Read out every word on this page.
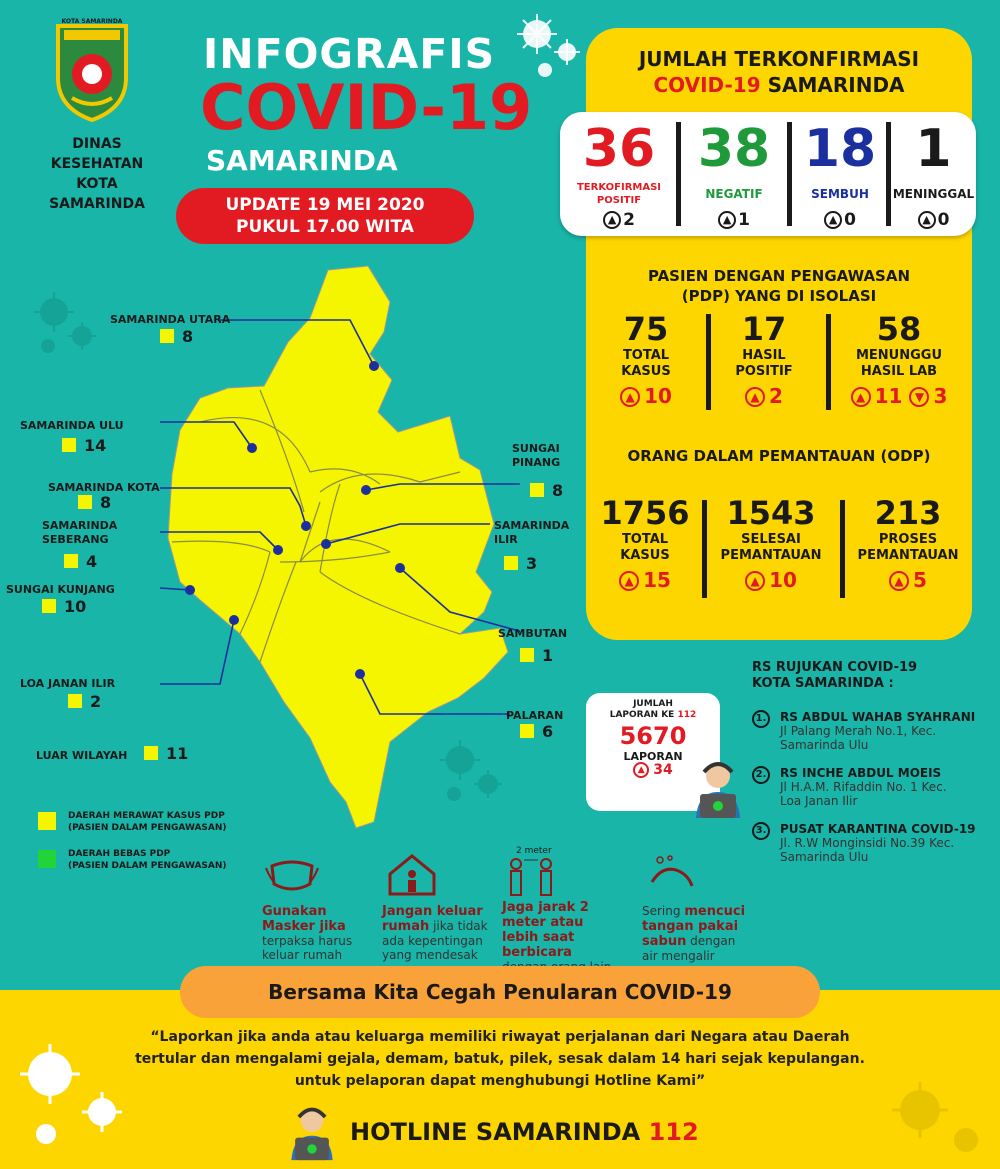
KOTA SAMARINDA
DINAS
KESEHATAN
KOTA
SAMARINDA
INFOGRAFIS
COVID-19
SAMARINDA
UPDATE 19 MEI 2020
PUKUL 17.00 WITA
JUMLAH TERKONFIRMASI
COVID-19 SAMARINDA
36
TERKOFIRMASI POSITIF
▲ 2
38
NEGATIF
▲ 1
18
SEMBUH
▲ 0
1
MENINGGAL
▲ 0
PASIEN DENGAN PENGAWASAN
(PDP) YANG DI ISOLASI
75
TOTAL
KASUS
▲ 10
17
HASIL
POSITIF
▲ 2
58
MENUNGGU
HASIL LAB
▲ 11 ▼ 3
ORANG DALAM PEMANTAUAN (ODP)
1756
TOTAL
KASUS
▲ 15
1543
SELESAI
PEMANTAUAN
▲ 10
213
PROSES
PEMANTAUAN
▲ 5
SAMARINDA UTARA
8
SAMARINDA ULU
14
SAMARINDA KOTA
8
SAMARINDA
SEBERANG
4
SUNGAI KUNJANG
10
LOA JANAN ILIR
2
LUAR WILAYAH	11
SUNGAI
PINANG
8
SAMARINDA
ILIR
3
SAMBUTAN
1
PALARAN
6
DAERAH MERAWAT KASUS PDP
(PASIEN DALAM PENGAWASAN)
DAERAH BEBAS PDP
(PASIEN DALAM PENGAWASAN)
Gunakan Masker jika terpaksa harus keluar rumah
Jangan keluar rumah jika tidak ada kepentingan yang mendesak
2 meter
Jaga jarak 2 meter atau lebih saat berbicara
Sering mencuci tangan pakai sabun dengan air mengalir
JUMLAH
LAPORAN KE 112
5670
LAPORAN
▲ 34
RS RUJUKAN COVID-19
KOTA SAMARINDA :
1.	RS ABDUL WAHAB SYAHRANI
Jl Palang Merah No.1, Kec.
Samarinda Ulu
2.	RS INCHE ABDUL MOEIS
Jl H.A.M. Rifaddin No. 1 Kec.
Loa Janan Ilir
3.	PUSAT KARANTINA COVID-19
Jl. R.W Monginsidi No.39 Kec.
Samarinda Ulu
Bersama Kita Cegah Penularan COVID-19
“Laporkan jika anda atau keluarga memiliki riwayat perjalanan dari Negara atau Daerah
tertular dan mengalami gejala, demam, batuk, pilek, sesak dalam 14 hari sejak kepulangan.
untuk pelaporan dapat menghubungi Hotline Kami”
HOTLINE SAMARINDA 112
